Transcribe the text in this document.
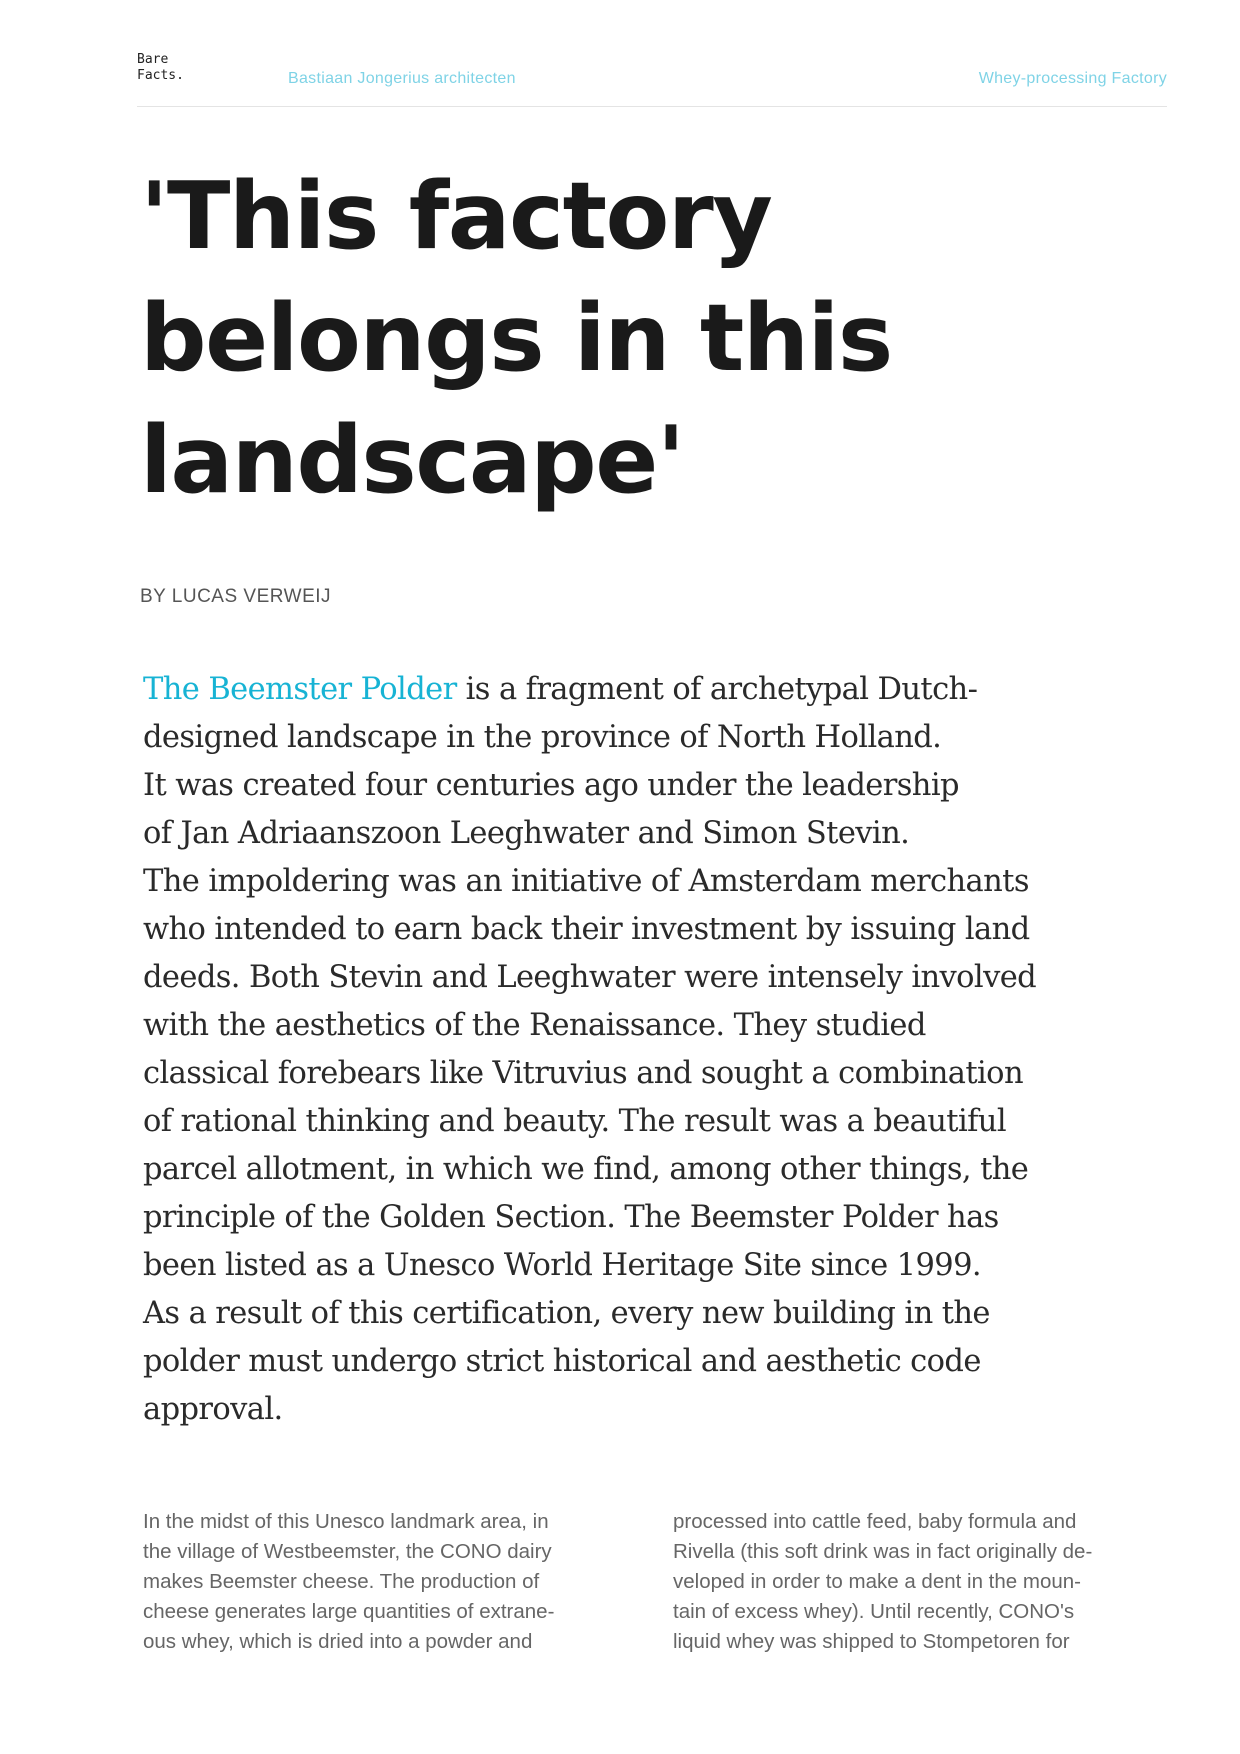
Bare
Facts.	Bastiaan Jongerius architecten	Whey-processing Factory
'This factory
belongs in this
landscape'
BY LUCAS VERWEIJ

The Beemster Polder is a fragment of archetypal Dutch-
designed landscape in the province of North Holland.
It was created four centuries ago under the leadership
of Jan Adriaanszoon Leeghwater and Simon Stevin.
The impoldering was an initiative of Amsterdam merchants
who intended to earn back their investment by issuing land
deeds. Both Stevin and Leeghwater were intensely involved
with the aesthetics of the Renaissance. They studied
classical forebears like Vitruvius and sought a combination
of rational thinking and beauty. The result was a beautiful
parcel allotment, in which we find, among other things, the
principle of the Golden Section. The Beemster Polder has
been listed as a Unesco World Heritage Site since 1999.
As a result of this certification, every new building in the
polder must undergo strict historical and aesthetic code
approval.

In the midst of this Unesco landmark area, in
the village of Westbeemster, the CONO dairy
makes Beemster cheese. The production of
cheese generates large quantities of extrane-
ous whey, which is dried into a powder and
processed into cattle feed, baby formula and
Rivella (this soft drink was in fact originally de-
veloped in order to make a dent in the moun-
tain of excess whey). Until recently, CONO's
liquid whey was shipped to Stompetoren for
